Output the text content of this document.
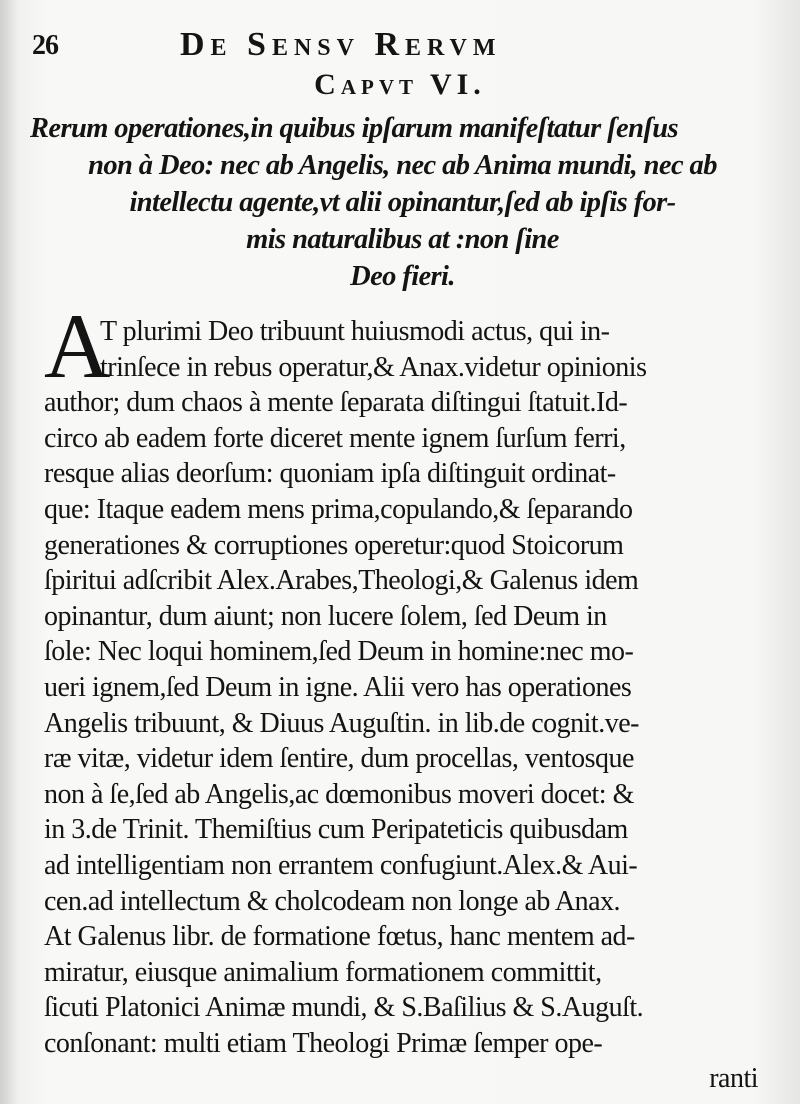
26	De Sensv Rervm
Capvt VI.
Rerum operationes,in quibus ipſarum manifeſtatur ſenſus
non à Deo: nec ab Angelis, nec ab Anima mundi, nec ab
intellectu agente,vt alii opinantur,ſed ab ipſis for-
mis naturalibus at :non ſine
Deo fieri.
A
T plurimi Deo tribuunt huiusmodi actus, qui in-
trinſece in rebus operatur,& Anax.videtur opinionis
author; dum chaos à mente ſeparata diſtingui ſtatuit.Id-
circo ab eadem forte diceret mente ignem ſurſum ferri,
resque alias deorſum: quoniam ipſa diſtinguit ordinat-
que: Itaque eadem mens prima,copulando,& ſeparando
generationes & corruptiones operetur:quod Stoicorum
ſpiritui adſcribit Alex.Arabes,Theologi,& Galenus idem
opinantur, dum aiunt; non lucere ſolem, ſed Deum in
ſole: Nec loqui hominem,ſed Deum in homine:nec mo-
ueri ignem,ſed Deum in igne. Alii vero has operationes
Angelis tribuunt, & Diuus Auguſtin. in lib.de cognit.ve-
ræ vitæ, videtur idem ſentire, dum procellas, ventosque
non à ſe,ſed ab Angelis,ac dœmonibus moveri docet: &
in 3.de Trinit. Themiſtius cum Peripateticis quibusdam
ad intelligentiam non errantem confugiunt.Alex.& Aui-
cen.ad intellectum & cholcodeam non longe ab Anax.
At Galenus libr. de formatione fœtus, hanc mentem ad-
miratur, eiusque animalium formationem committit,
ſicuti Platonici Animæ mundi, & S.Baſilius & S.Auguſt.
conſonant: multi etiam Theologi Primæ ſemper ope-
ranti
